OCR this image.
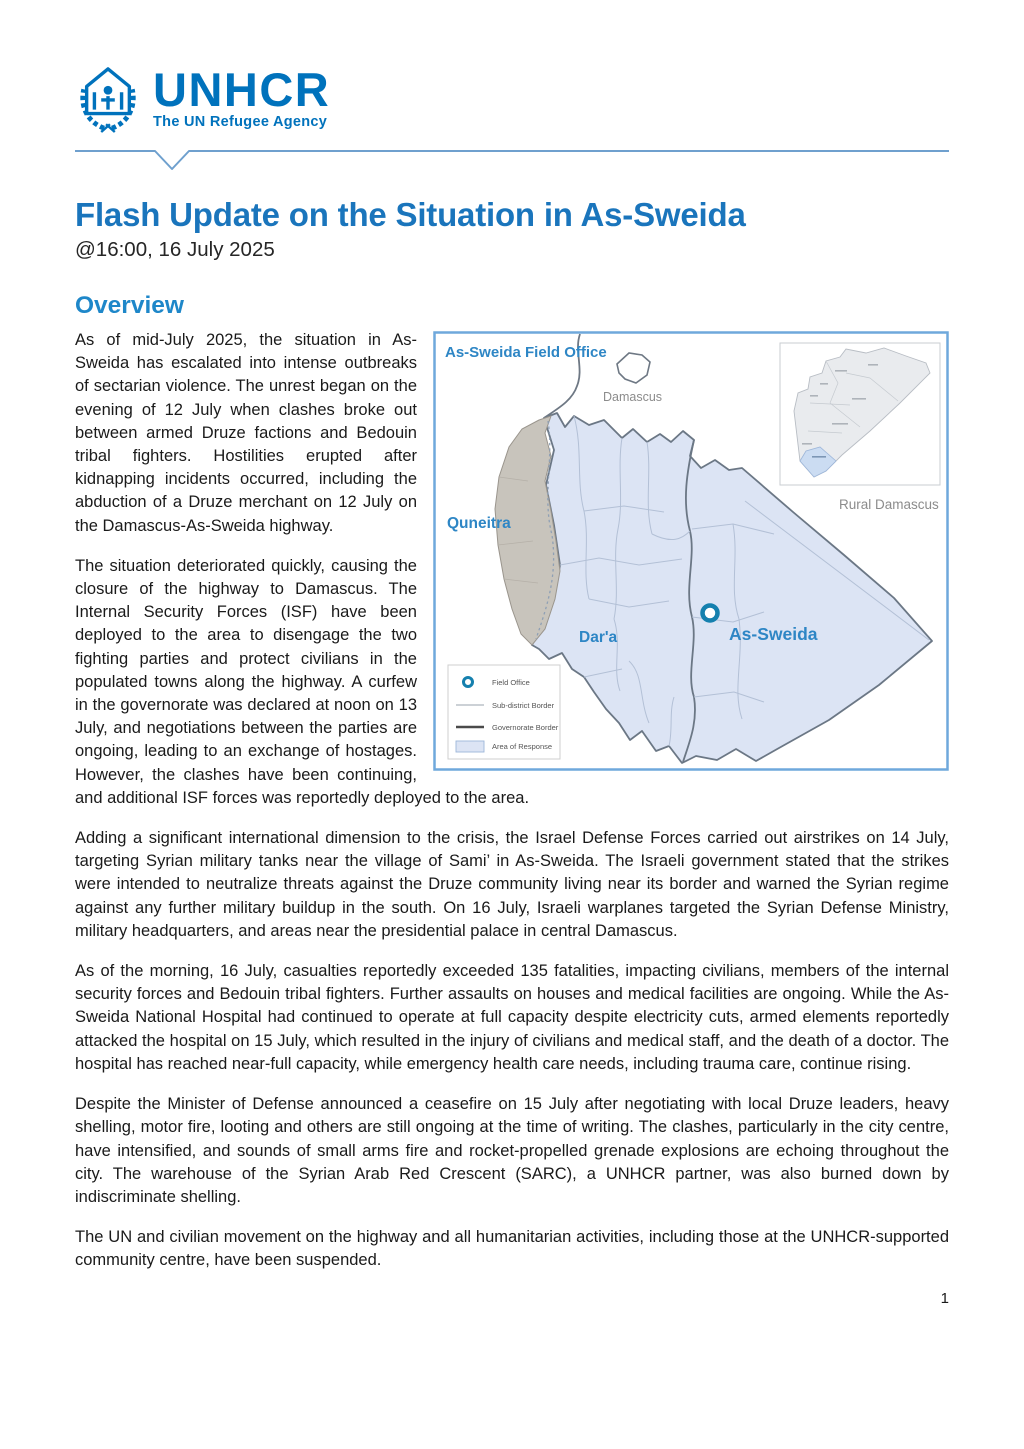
UNHCR
The UN Refugee Agency
Flash Update on the Situation in As-Sweida
@16:00, 16 July 2025
Overview
As-Sweida Field Office
Damascus
Quneitra
Dar'a	As-Sweida
Rural Damascus
Field Office
Sub-district Border
Governorate Border
Area of Response

As of mid-July 2025, the situation in As-Sweida has escalated into intense outbreaks of sectarian violence. The unrest began on the evening of 12 July when clashes broke out between armed Druze factions and Bedouin tribal fighters. Hostilities erupted after kidnapping incidents occurred, including the abduction of a Druze merchant on 12 July on the Damascus-As-Sweida highway.

The situation deteriorated quickly, causing the closure of the highway to Damascus. The Internal Security Forces (ISF) have been deployed to the area to disengage the two fighting parties and protect civilians in the populated towns along the highway. A curfew in the governorate was declared at noon on 13 July, and negotiations between the parties are ongoing, leading to an exchange of hostages. However, the clashes have been continuing, and additional ISF forces was reportedly deployed to the area.

Adding a significant international dimension to the crisis, the Israel Defense Forces carried out airstrikes on 14 July, targeting Syrian military tanks near the village of Sami’ in As-Sweida. The Israeli government stated that the strikes were intended to neutralize threats against the Druze community living near its border and warned the Syrian regime against any further military buildup in the south. On 16 July, Israeli warplanes targeted the Syrian Defense Ministry, military headquarters, and areas near the presidential palace in central Damascus.

As of the morning, 16 July, casualties reportedly exceeded 135 fatalities, impacting civilians, members of the internal security forces and Bedouin tribal fighters. Further assaults on houses and medical facilities are ongoing. While the As-Sweida National Hospital had continued to operate at full capacity despite electricity cuts, armed elements reportedly attacked the hospital on 15 July, which resulted in the injury of civilians and medical staff, and the death of a doctor. The hospital has reached near-full capacity, while emergency health care needs, including trauma care, continue rising.

Despite the Minister of Defense announced a ceasefire on 15 July after negotiating with local Druze leaders, heavy shelling, motor fire, looting and others are still ongoing at the time of writing. The clashes, particularly in the city centre, have intensified, and sounds of small arms fire and rocket-propelled grenade explosions are echoing throughout the city. The warehouse of the Syrian Arab Red Crescent (SARC), a UNHCR partner, was also burned down by indiscriminate shelling.

The UN and civilian movement on the highway and all humanitarian activities, including those at the UNHCR-supported community centre, have been suspended.

1
